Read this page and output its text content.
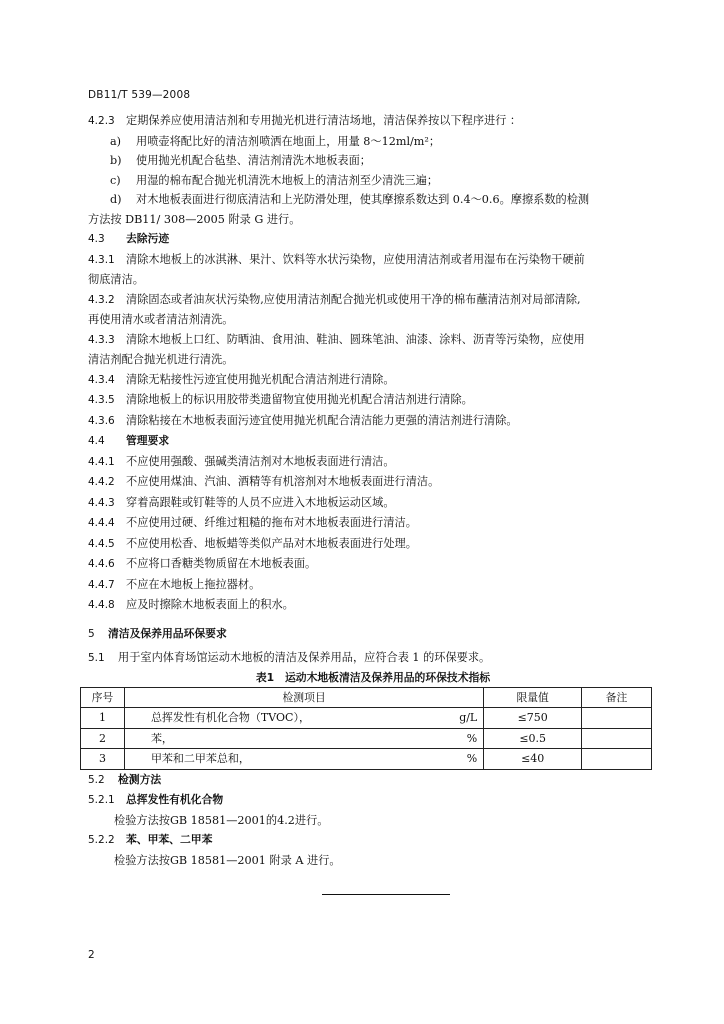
DB11/T 539—2008

4.2.3 定期保养应使用清洁剂和专用抛光机进行清洁场地，清洁保养按以下程序进行 ：

a) 用喷壶将配比好的清洁剂喷洒在地面上，用量 8～12ml/m²；

b) 使用抛光机配合毡垫、清洁剂清洗木地板表面；

c) 用湿的棉布配合抛光机清洗木地板上的清洁剂至少清洗三遍；

d) 对木地板表面进行彻底清洁和上光防滑处理，使其摩擦系数达到 0.4～0.6。摩擦系数的检测

方法按 DB11/ 308—2005 附录 G 进行。

4.3 去除污迹

4.3.1 清除木地板上的冰淇淋、果汁、饮料等水状污染物，应使用清洁剂或者用湿布在污染物干硬前

彻底清洁。

4.3.2 清除固态或者油灰状污染物,应使用清洁剂配合抛光机或使用干净的棉布蘸清洁剂对局部清除,

再使用清水或者清洁剂清洗。

4.3.3 清除木地板上口红、防晒油、食用油、鞋油、圆珠笔油、油漆、涂料、沥青等污染物，应使用

清洁剂配合抛光机进行清洗。

4.3.4 清除无粘接性污迹宜使用抛光机配合清洁剂进行清除。

4.3.5 清除地板上的标识用胶带类遗留物宜使用抛光机配合清洁剂进行清除。

4.3.6 清除粘接在木地板表面污迹宜使用抛光机配合清洁能力更强的清洁剂进行清除。

4.4 管理要求

4.4.1 不应使用强酸、强碱类清洁剂对木地板表面进行清洁。

4.4.2 不应使用煤油、汽油、酒精等有机溶剂对木地板表面进行清洁。

4.4.3 穿着高跟鞋或钉鞋等的人员不应进入木地板运动区域。

4.4.4 不应使用过硬、纤维过粗糙的拖布对木地板表面进行清洁。

4.4.5 不应使用松香、地板蜡等类似产品对木地板表面进行处理。

4.4.6 不应将口香糖类物质留在木地板表面。

4.4.7 不应在木地板上拖拉器材。

4.4.8 应及时擦除木地板表面上的积水。

5 清洁及保养用品环保要求

5.1 用于室内体育场馆运动木地板的清洁及保养用品，应符合表 1 的环保要求。

表1　运动木地板清洁及保养用品的环保技术指标

序号	检测项目	限量值	备注
1	总挥发性有机化合物（TVOC）， g/L	≤750	
2	苯， %	≤0.5	
3	甲苯和二甲苯总和， %	≤40	

5.2 检测方法

5.2.1 总挥发性有机化合物

检验方法按GB 18581—2001的4.2进行。

5.2.2 苯、甲苯、二甲苯

检验方法按GB 18581—2001 附录 A 进行。

2
